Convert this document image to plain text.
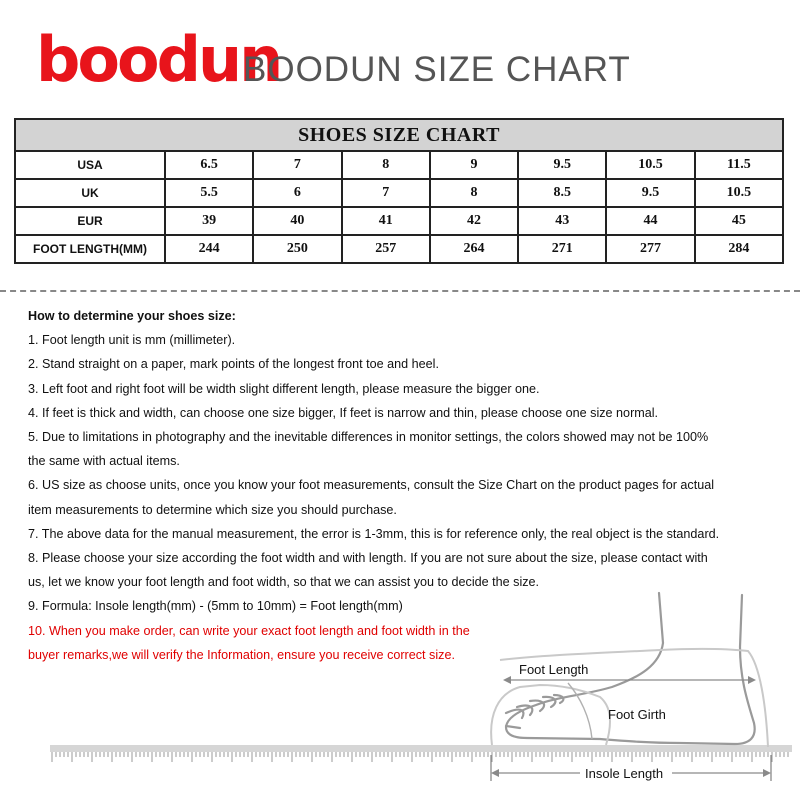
boodun
BOODUN SIZE CHART
SHOES SIZE CHART							
USA	6.5	7	8	9	9.5	10.5	11.5
UK	5.5	6	7	8	8.5	9.5	10.5
EUR	39	40	41	42	43	44	45
FOOT LENGTH(MM)	244	250	257	264	271	277	284

How to determine your shoes size:

1. Foot length unit is mm (millimeter).

2. Stand straight on a paper, mark points of the longest front toe and heel.

3. Left foot and right foot will be width slight different length, please measure the bigger one.

4. If feet is thick and width, can choose one size bigger, If feet is narrow and thin, please choose one size normal.

5. Due to limitations in photography and the inevitable differences in monitor settings, the colors showed may not be 100%

the same with actual items.

6. US size as choose units, once you know your foot measurements, consult the Size Chart on the product pages for actual

item measurements to determine which size you should purchase.

7. The above data for the manual measurement, the error is 1-3mm, this is for reference only, the real object is the standard.

8. Please choose your size according the foot width and with length. If you are not sure about the size, please contact with

us, let we know your foot length and foot width, so that we can assist you to decide the size.

9. Formula: Insole length(mm) - (5mm to 10mm) = Foot length(mm)

10. When you make order, can write your exact foot length and foot width in the

buyer remarks,we will verify the Information, ensure you receive correct size.

Foot Length
Foot Girth
Insole Length
